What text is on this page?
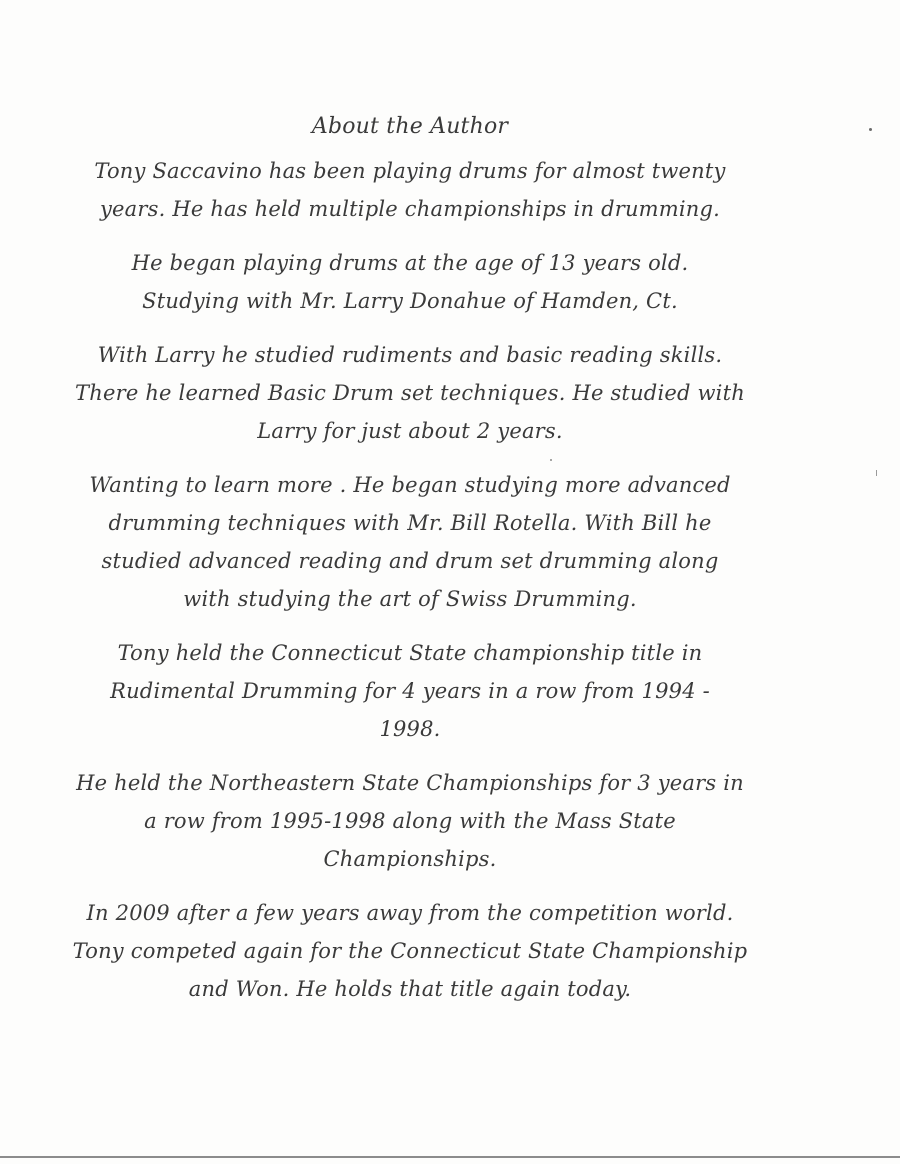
About the Author
Tony Saccavino has been playing drums for almost twenty
years. He has held multiple championships in drumming.
He began playing drums at the age of 13 years old.
Studying with Mr. Larry Donahue of Hamden, Ct.
With Larry he studied rudiments and basic reading skills.
There he learned Basic Drum set techniques. He studied with
Larry for just about 2 years.
Wanting to learn more . He began studying more advanced
drumming techniques with Mr. Bill Rotella. With Bill he
studied advanced reading and drum set drumming along
with studying the art of Swiss Drumming.
Tony held the Connecticut State championship title in
Rudimental Drumming for 4 years in a row from 1994 -
1998.
He held the Northeastern State Championships for 3 years in
a row from 1995-1998 along with the Mass State
Championships.
In 2009 after a few years away from the competition world.
Tony competed again for the Connecticut State Championship
and Won. He holds that title again today.
